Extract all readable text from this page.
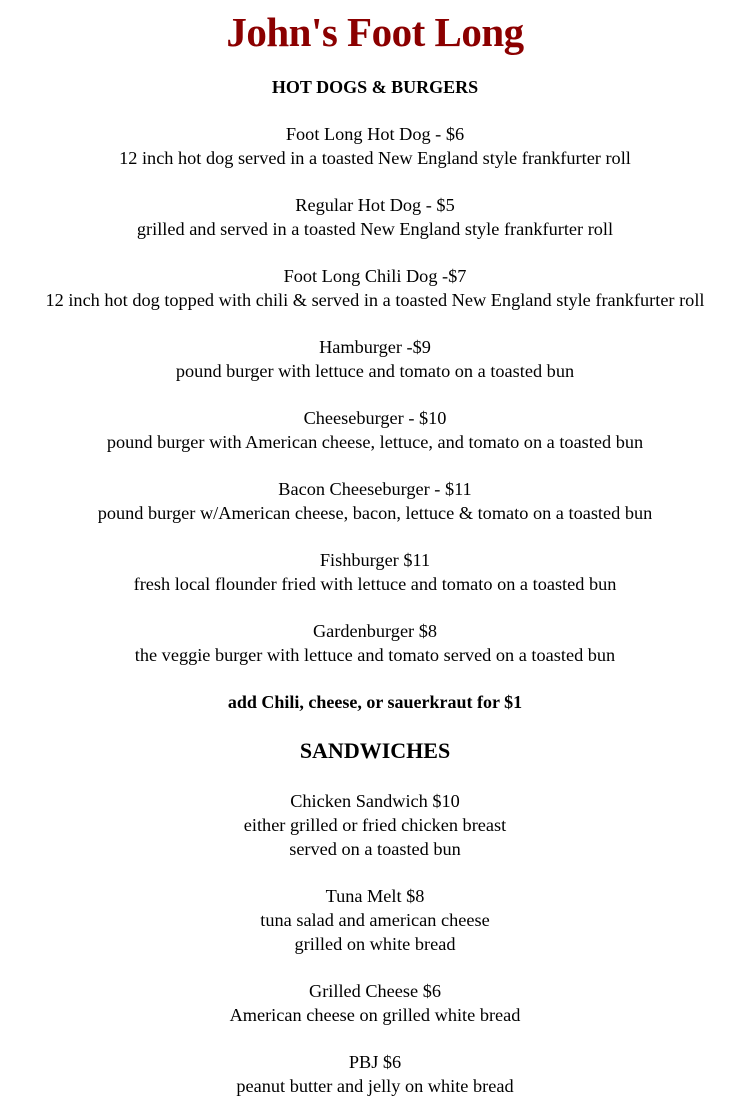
John's Foot Long
HOT DOGS & BURGERS
Foot Long Hot Dog - $6
12 inch hot dog served in a toasted New England style frankfurter roll
Regular Hot Dog - $5
grilled and served in a toasted New England style frankfurter roll
Foot Long Chili Dog -$7
12 inch hot dog topped with chili & served in a toasted New England style frankfurter roll
Hamburger -$9
pound burger with lettuce and tomato on a toasted bun
Cheeseburger - $10
pound burger with American cheese, lettuce, and tomato on a toasted bun
Bacon Cheeseburger - $11
pound burger w/American cheese, bacon, lettuce & tomato on a toasted bun
Fishburger $11
fresh local flounder fried with lettuce and tomato on a toasted bun
Gardenburger $8
the veggie burger with lettuce and tomato served on a toasted bun
add Chili, cheese, or sauerkraut for $1
SANDWICHES
Chicken Sandwich $10
either grilled or fried chicken breast
served on a toasted bun
Tuna Melt $8
tuna salad and american cheese
grilled on white bread
Grilled Cheese $6
American cheese on grilled white bread
PBJ $6
peanut butter and jelly on white bread
